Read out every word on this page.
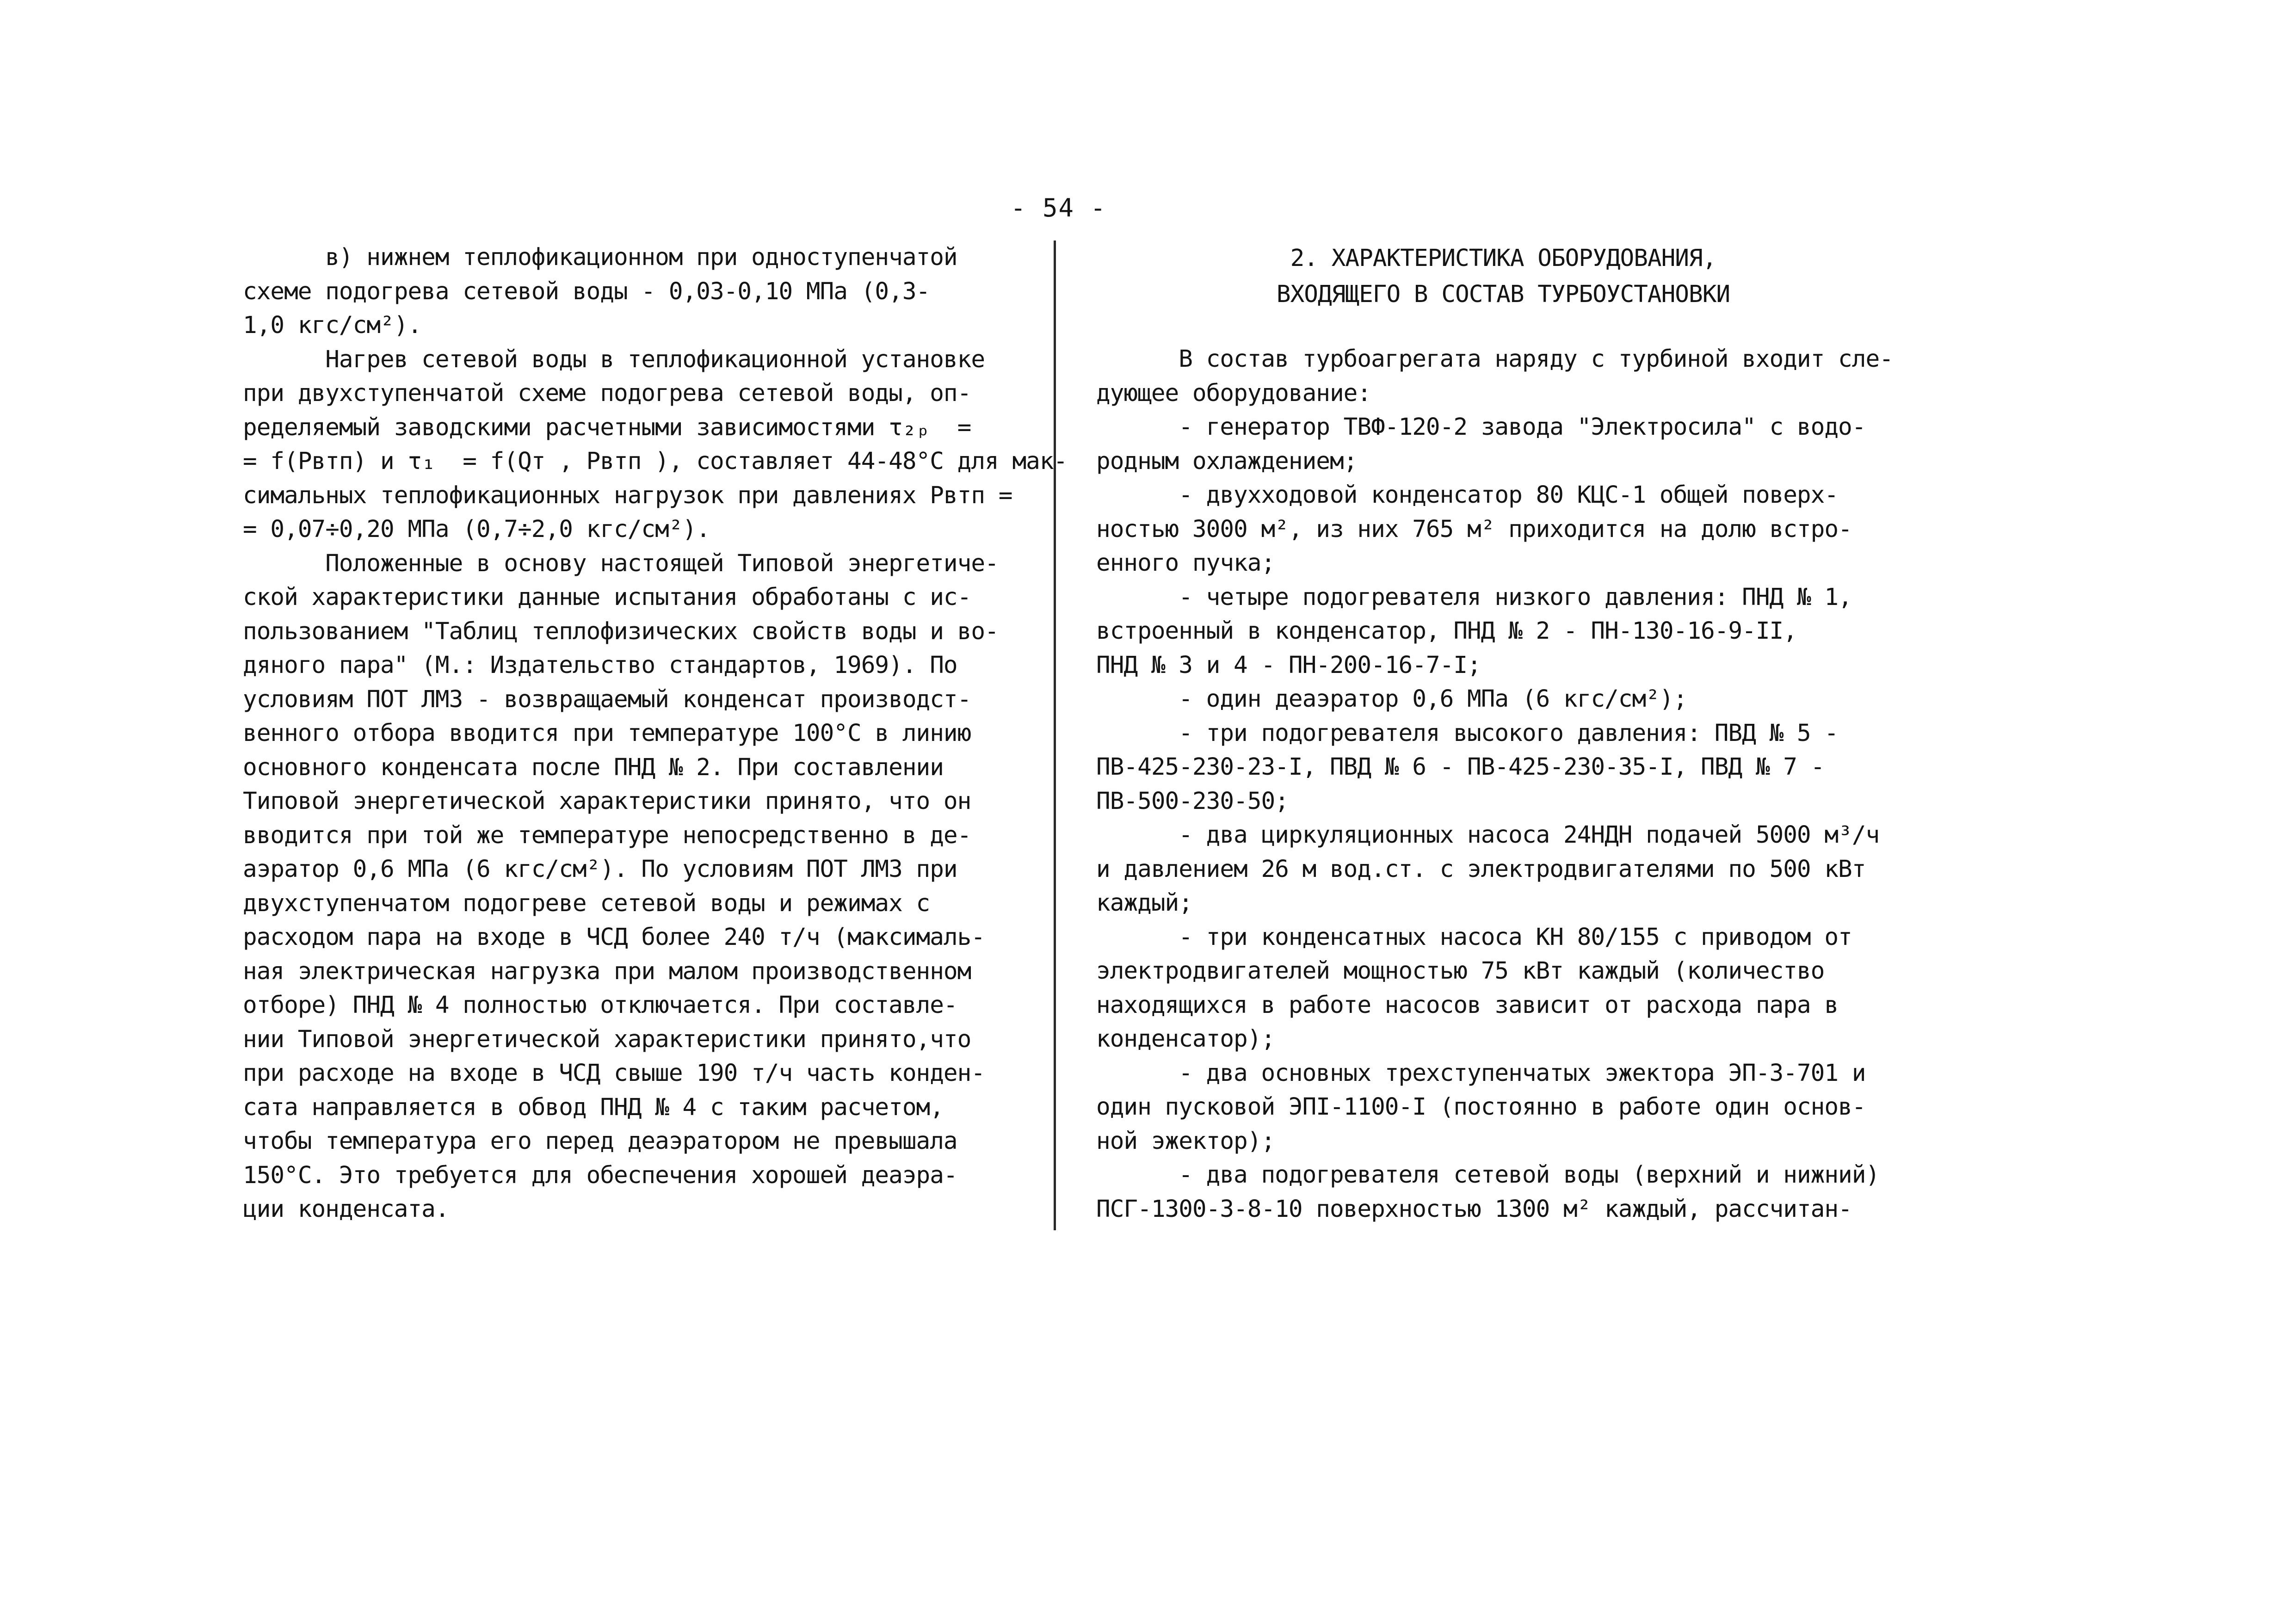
- 54 -
в) нижнем теплофикационном при одноступенчатой
схеме подогрева сетевой воды - 0,03-0,10 МПа (0,3-
1,0 кгс/см²).
Нагрев сетевой воды в теплофикационной установке
при двухступенчатой схеме подогрева сетевой воды, оп-
ределяемый заводскими расчетными зависимостями τ₂ₚ  =
= f(Pвтп) и τ₁  = f(Qт , Pвтп ), составляет 44-48°С для мак-
симальных теплофикационных нагрузок при давлениях Pвтп =
= 0,07÷0,20 МПа (0,7÷2,0 кгс/см²).
Положенные в основу настоящей Типовой энергетиче-
ской характеристики данные испытания обработаны с ис-
пользованием "Таблиц теплофизических свойств воды и во-
дяного пара" (М.: Издательство стандартов, 1969). По
условиям ПОТ ЛМЗ - возвращаемый конденсат производст-
венного отбора вводится при температуре 100°С в линию
основного конденсата после ПНД № 2. При составлении
Типовой энергетической характеристики принято, что он
вводится при той же температуре непосредственно в де-
аэратор 0,6 МПа (6 кгс/см²). По условиям ПОТ ЛМЗ при
двухступенчатом подогреве сетевой воды и режимах с
расходом пара на входе в ЧСД более 240 т/ч (максималь-
ная электрическая нагрузка при малом производственном
отборе) ПНД № 4 полностью отключается. При составле-
нии Типовой энергетической характеристики принято,что
при расходе на входе в ЧСД свыше 190 т/ч часть конден-
сата направляется в обвод ПНД № 4 с таким расчетом,
чтобы температура его перед деаэратором не превышала
150°С. Это требуется для обеспечения хорошей деаэра-
ции конденсата.
2. ХАРАКТЕРИСТИКА ОБОРУДОВАНИЯ,
ВХОДЯЩЕГО В СОСТАВ ТУРБОУСТАНОВКИ
В состав турбоагрегата наряду с турбиной входит сле-
дующее оборудование:
- генератор ТВФ-120-2 завода "Электросила" с водо-
родным охлаждением;
- двухходовой конденсатор 80 КЦС-1 общей поверх-
ностью 3000 м², из них 765 м² приходится на долю встро-
енного пучка;
- четыре подогревателя низкого давления: ПНД № 1,
встроенный в конденсатор, ПНД № 2 - ПН-130-16-9-II,
ПНД № 3 и 4 - ПН-200-16-7-I;
- один деаэратор 0,6 МПа (6 кгс/см²);
- три подогревателя высокого давления: ПВД № 5 -
ПВ-425-230-23-I, ПВД № 6 - ПВ-425-230-35-I, ПВД № 7 -
ПВ-500-230-50;
- два циркуляционных насоса 24НДН подачей 5000 м³/ч
и давлением 26 м вод.ст. с электродвигателями по 500 кВт
каждый;
- три конденсатных насоса КН 80/155 с приводом от
электродвигателей мощностью 75 кВт каждый (количество
находящихся в работе насосов зависит от расхода пара в
конденсатор);
- два основных трехступенчатых эжектора ЭП-3-701 и
один пусковой ЭПI-1100-I (постоянно в работе один основ-
ной эжектор);
- два подогревателя сетевой воды (верхний и нижний)
ПСГ-1300-3-8-10 поверхностью 1300 м² каждый, рассчитан-
